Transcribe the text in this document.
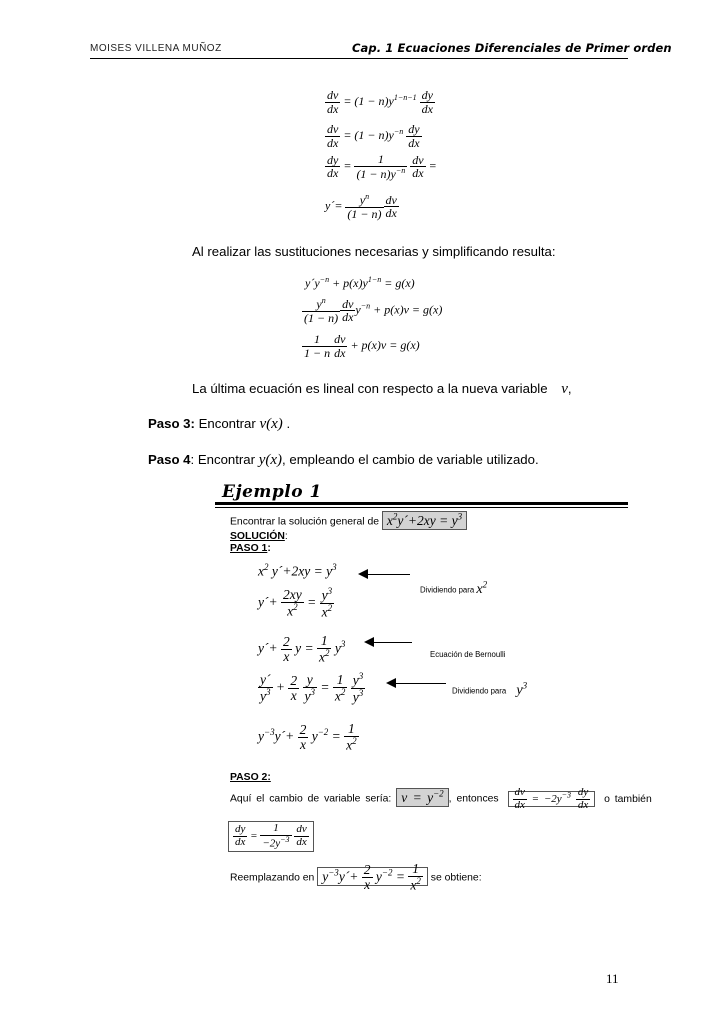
MOISES VILLENA MUÑOZ	Cap. 1 Ecuaciones Diferenciales de Primer orden
$\frac{dv}{dx} = (1 - n)y^{1-n-1} \frac{dy}{dx}$
$\frac{dv}{dx} = (1 - n)y^{-n} \frac{dy}{dx}$
$\frac{dy}{dx} = \frac{1}{(1 - n)y^{-n}}$
$\frac{dv}{dx}$ =
y´= $\frac{y^n}{(1 - n)} \frac{dv}{dx}$
Al realizar las sustituciones necesarias y simplificando resulta:
$y´y^{-n} + p(x)y^{1-n} = g(x)$
$\frac{y^n}{(1 - n)} \frac{dv}{dx} y^{-n} + p(x)v = g(x)$
$\frac{1}{1 - n} \frac{dv}{dx} + p(x)v = g(x)$
La última ecuación es lineal con respecto a la nueva variable v,
Paso 3: Encontrar v(x) .
Paso 4: Encontrar y(x), empleando el cambio de variable utilizado.
Ejemplo 1
Encontrar la solución general de $x^2y´+2xy = y^3$
SOLUCIÓN:
PASO 1:
$x^2$ y´+2xy = $y^3$
Dividiendo para $x^2$
y´+ $\frac{2xy}{x^2} = \frac{y^3}{x^2}$
y´+ $\frac{2}{x}$ $y = \frac{1}{x^2} y^3$
Ecuación de Bernoulli
$\frac{y´}{y^3} + \frac{2}{x}$
$\frac{y}{y^3} = \frac{1}{x^2}$
$\frac{y^3}{y^3}$	Dividiendo para $y^3$
$y^{-3}y´+ \frac{2}{x} y^{-2} = \frac{1}{x^2}$
PASO 2:
Aquí el cambio de variable sería: $v = y^{-2}$, entonces $\frac{dv}{dx} = -2y^{-3} \frac{dy}{dx}$ o también
$\frac{dy}{dx} = \frac{1}{-2y^{-3}}$
$\frac{dv}{dx}$
Reemplazando en $y^{-3}y´+ \frac{2}{x} y^{-2} = \frac{1}{x^2}$ se obtiene:
11
